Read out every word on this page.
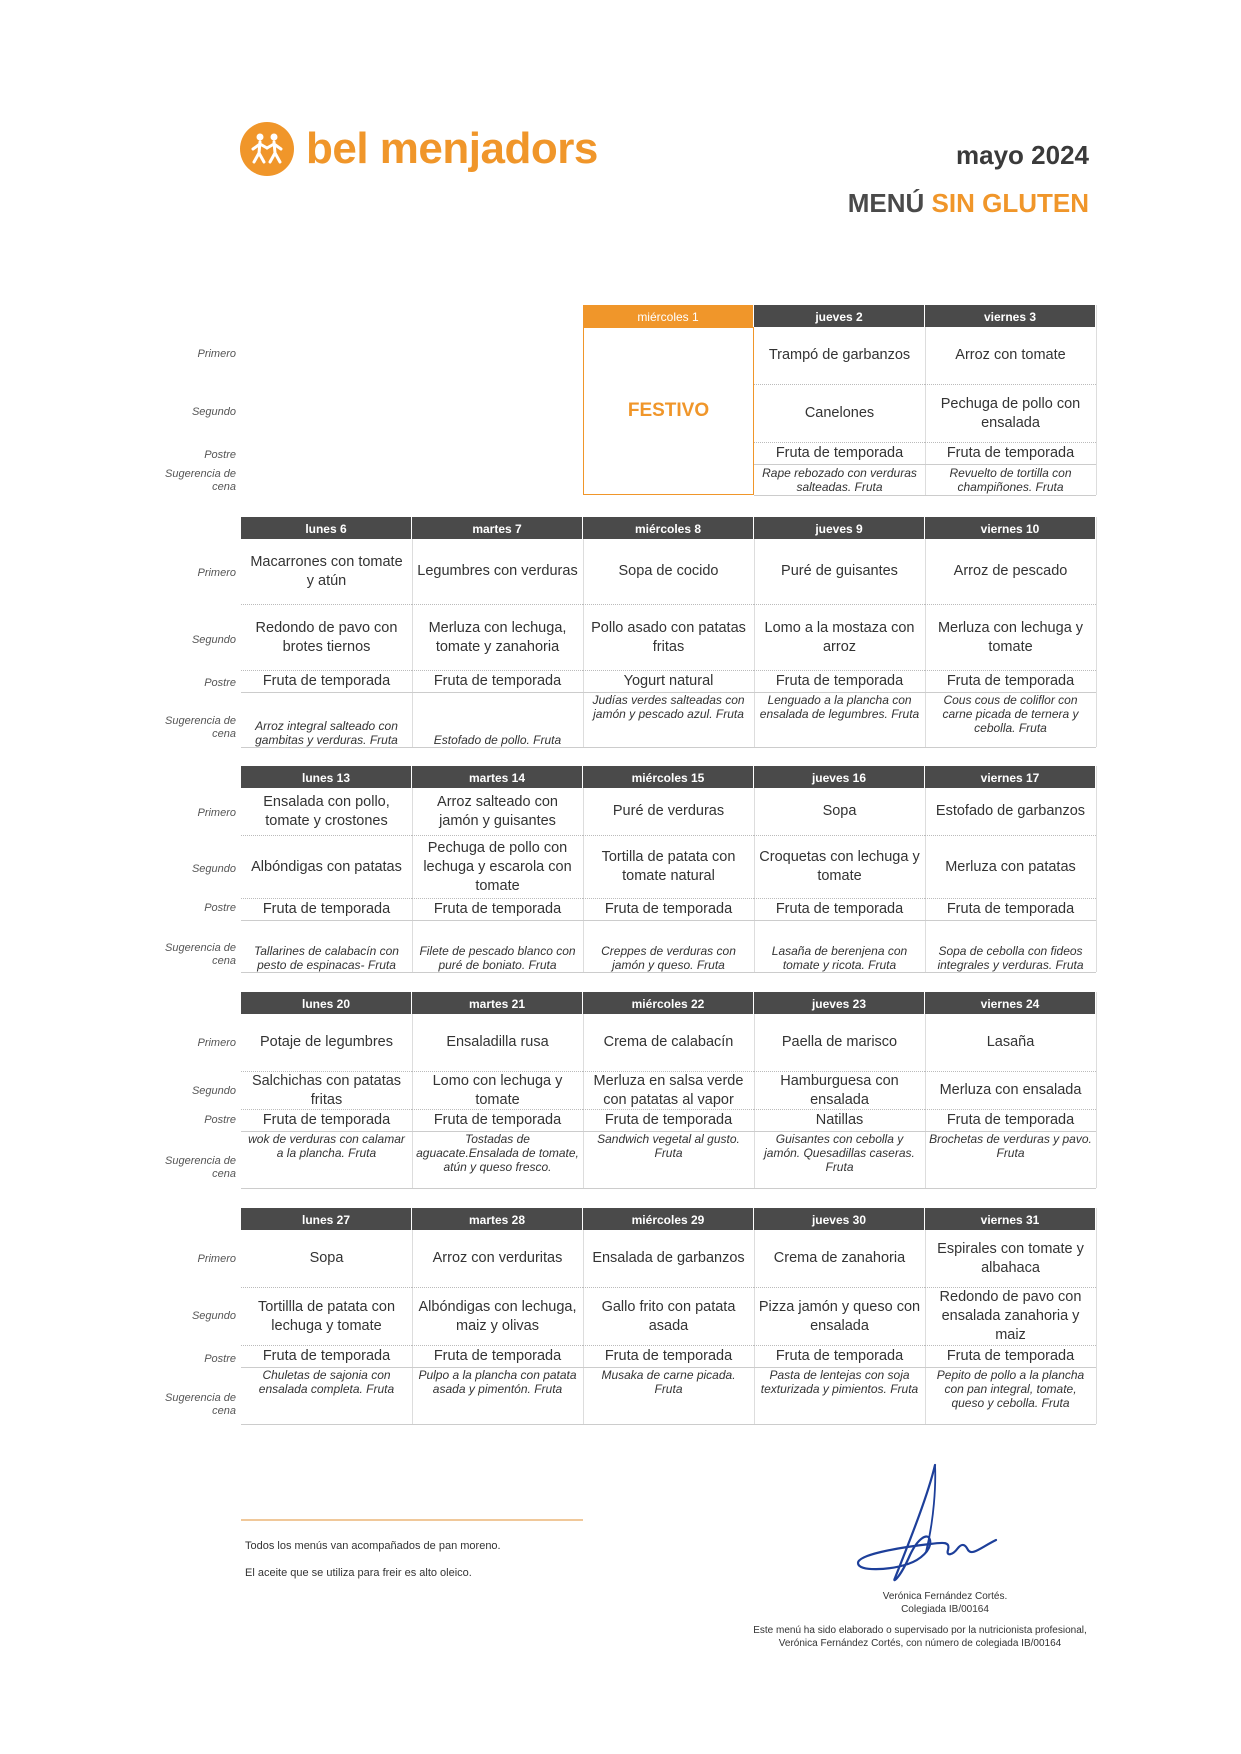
bel menjadors	mayo 2024
MENÚ SIN GLUTEN
Primero
Segundo
Postre
Sugerencia de cena
miércoles 1
FESTIVO
jueves 2
Trampó de garbanzos
Canelones
Fruta de temporada
Rape rebozado con verduras salteadas. Fruta
viernes 3
Arroz con tomate
Pechuga de pollo con ensalada
Fruta de temporada
Revuelto de tortilla con champiñones. Fruta
Primero
Segundo
Postre
Sugerencia de cena
lunes 6
Macarrones con tomate y atún
Redondo de pavo con brotes tiernos
Fruta de temporada
Arroz integral salteado con gambitas y verduras. Fruta
martes 7
Legumbres con verduras
Merluza con lechuga, tomate y zanahoria
Fruta de temporada
Estofado de pollo. Fruta
miércoles 8
Sopa de cocido
Pollo asado con patatas fritas
Yogurt natural
Judías verdes salteadas con jamón y pescado azul. Fruta
jueves 9
Puré de guisantes
Lomo a la mostaza con arroz
Fruta de temporada
Lenguado a la plancha con ensalada de legumbres. Fruta
viernes 10
Arroz de pescado
Merluza con lechuga y tomate
Fruta de temporada
Cous cous de coliflor con carne picada de ternera y cebolla. Fruta
Primero
Segundo
Postre
Sugerencia de cena
lunes 13
Ensalada con pollo, tomate y crostones
Albóndigas con patatas
Fruta de temporada
Tallarines de calabacín con pesto de espinacas- Fruta
martes 14
Arroz salteado con jamón y guisantes
Pechuga de pollo con lechuga y escarola con tomate
Fruta de temporada
Filete de pescado blanco con puré de boniato. Fruta
miércoles 15
Puré de verduras
Tortilla de patata con tomate natural
Fruta de temporada
Creppes de verduras con jamón y queso. Fruta
jueves 16
Sopa
Croquetas con lechuga y tomate
Fruta de temporada
Lasaña de berenjena con tomate y ricota. Fruta
viernes 17
Estofado de garbanzos
Merluza con patatas
Fruta de temporada
Sopa de cebolla con fideos integrales y verduras. Fruta
Primero
Segundo
Postre
Sugerencia de cena
lunes 20
Potaje de legumbres
Salchichas con patatas fritas
Fruta de temporada
wok de verduras con calamar a la plancha. Fruta
martes 21
Ensaladilla rusa
Lomo con lechuga y tomate
Fruta de temporada
Tostadas de aguacate.Ensalada de tomate, atún y queso fresco.
miércoles 22
Crema de calabacín
Merluza en salsa verde con patatas al vapor
Fruta de temporada
Sandwich vegetal al gusto. Fruta
jueves 23
Paella de marisco
Hamburguesa con ensalada
Natillas
Guisantes con cebolla y jamón. Quesadillas caseras. Fruta
viernes 24
Lasaña
Merluza con ensalada
Fruta de temporada
Brochetas de verduras y pavo. Fruta
Primero
Segundo
Postre
Sugerencia de cena
lunes 27
Sopa
Tortillla de patata con lechuga y tomate
Fruta de temporada
Chuletas de sajonia con ensalada completa. Fruta
martes 28
Arroz con verduritas
Albóndigas con lechuga, maiz y olivas
Fruta de temporada
Pulpo a la plancha con patata asada y pimentón. Fruta
miércoles 29
Ensalada de garbanzos
Gallo frito con patata asada
Fruta de temporada
Musaka de carne picada. Fruta
jueves 30
Crema de zanahoria
Pizza jamón y queso con ensalada
Fruta de temporada
Pasta de lentejas con soja texturizada y pimientos. Fruta
viernes 31
Espirales con tomate y albahaca
Redondo de pavo con ensalada zanahoria y maiz
Fruta de temporada
Pepito de pollo a la plancha con pan integral, tomate, queso y cebolla. Fruta
Todos los menús van acompañados de pan moreno.
El aceite que se utiliza para freir es alto oleico.
Verónica Fernández Cortés.
Colegiada IB/00164
Este menú ha sido elaborado o supervisado por la nutricionista profesional,
Verónica Fernández Cortés, con número de colegiada IB/00164
